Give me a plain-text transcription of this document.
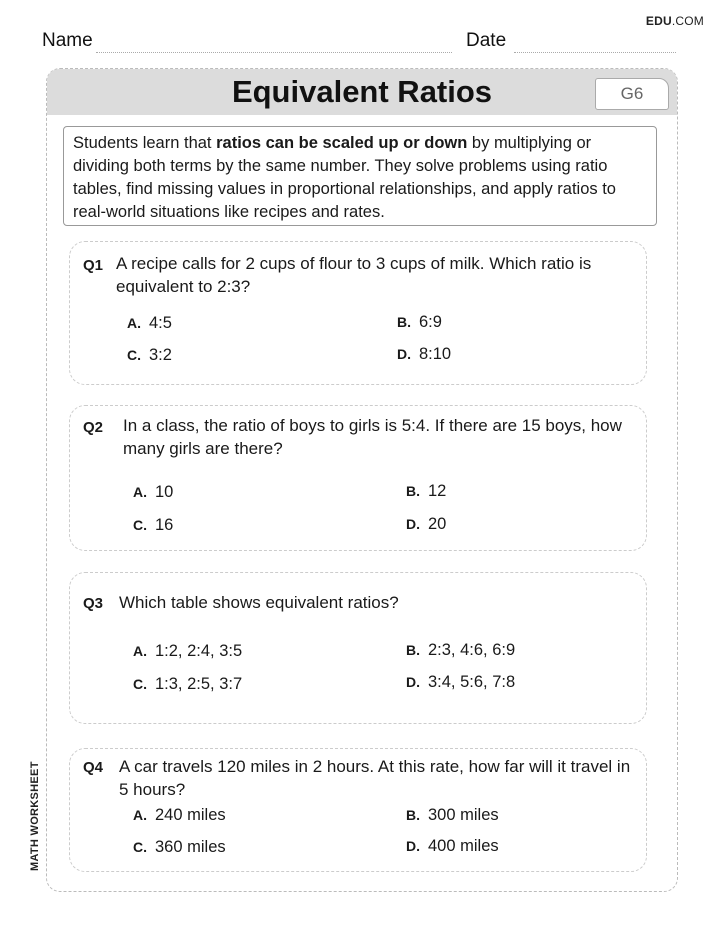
EDU.COM
Name	Date
Equivalent Ratios	G6
Students learn that ratios can be scaled up or down by multiplying or dividing both terms by the same number. They solve problems using ratio tables, find missing values in proportional relationships, and apply ratios to real-world situations like recipes and rates.
Q1 A recipe calls for 2 cups of flour to 3 cups of milk. Which ratio is equivalent to 2:3?
A. 4:5	B. 6:9
C. 3:2	D. 8:10
Q2 In a class, the ratio of boys to girls is 5:4. If there are 15 boys, how many girls are there?
A. 10	B. 12
C. 16	D. 20
Q3 Which table shows equivalent ratios?
A. 1:2, 2:4, 3:5	B. 2:3, 4:6, 6:9
C. 1:3, 2:5, 3:7	D. 3:4, 5:6, 7:8
Q4 A car travels 120 miles in 2 hours. At this rate, how far will it travel in 5 hours?
A. 240 miles	B. 300 miles
C. 360 miles	D. 400 miles
MATH WORKSHEET
